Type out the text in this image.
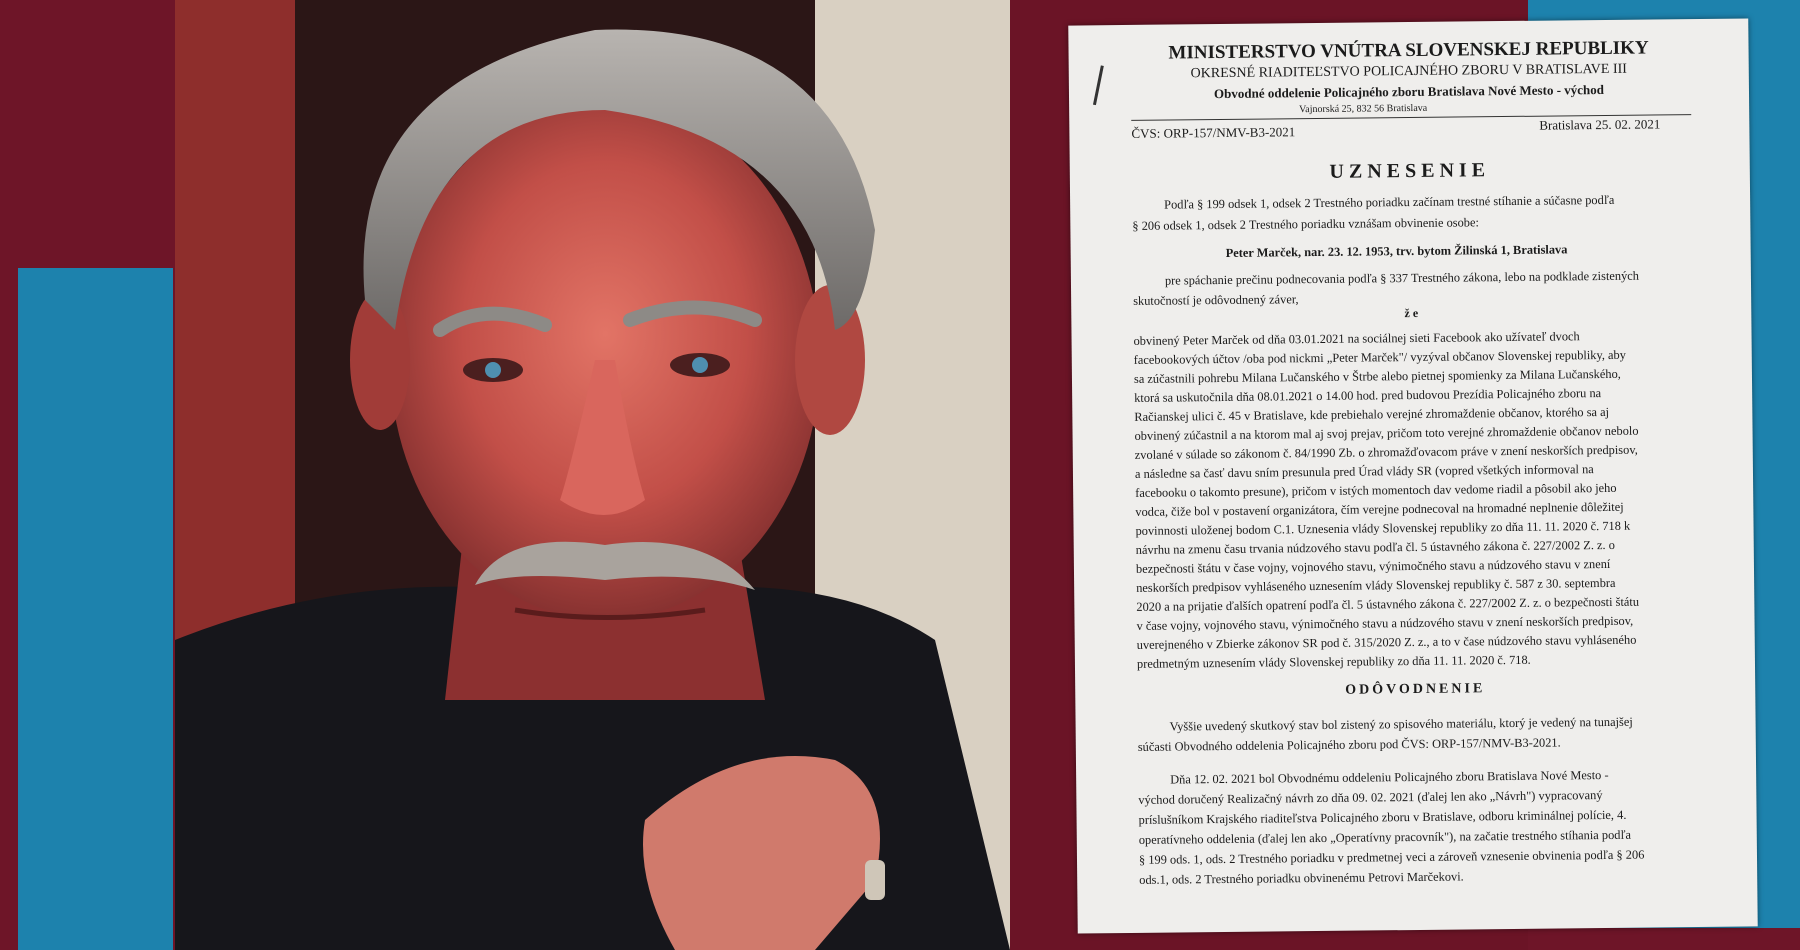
MINISTERSTVO VNÚTRA SLOVENSKEJ REPUBLIKY
OKRESNÉ RIADITEĽSTVO POLICAJNÉHO ZBORU V BRATISLAVE III
Obvodné oddelenie Policajného zboru Bratislava Nové Mesto - východ
Vajnorská 25, 832 56 Bratislava
ČVS: ORP-157/NMV-B3-2021	Bratislava 25. 02. 2021
UZNESENIE
Podľa § 199 odsek 1, odsek 2 Trestného poriadku začínam trestné stíhanie a súčasne podľa
§ 206 odsek 1, odsek 2 Trestného poriadku vznášam obvinenie osobe:
Peter Marček, nar. 23. 12. 1953, trv. bytom Žilinská 1, Bratislava
pre spáchanie prečinu podnecovania podľa § 337 Trestného zákona, lebo na podklade zistených
skutočností je odôvodnený záver,
ž e
obvinený Peter Marček od dňa 03.01.2021 na sociálnej sieti Facebook ako užívateľ dvoch
facebookových účtov /oba pod nickmi „Peter Marček"/ vyzýval občanov Slovenskej republiky, aby
sa zúčastnili pohrebu Milana Lučanského v Štrbe alebo pietnej spomienky za Milana Lučanského,
ktorá sa uskutočnila dňa 08.01.2021 o 14.00 hod. pred budovou Prezídia Policajného zboru na
Račianskej ulici č. 45 v Bratislave, kde prebiehalo verejné zhromaždenie občanov, ktorého sa aj
obvinený zúčastnil a na ktorom mal aj svoj prejav, pričom toto verejné zhromaždenie občanov nebolo
zvolané v súlade so zákonom č. 84/1990 Zb. o zhromažďovacom práve v znení neskorších predpisov,
a následne sa časť davu sním presunula pred Úrad vlády SR (vopred všetkých informoval na
facebooku o takomto presune), pričom v istých momentoch dav vedome riadil a pôsobil ako jeho
vodca, čiže bol v postavení organizátora, čím verejne podnecoval na hromadné neplnenie dôležitej
povinnosti uloženej bodom C.1. Uznesenia vlády Slovenskej republiky zo dňa 11. 11. 2020 č. 718 k
návrhu na zmenu času trvania núdzového stavu podľa čl. 5 ústavného zákona č. 227/2002 Z. z. o
bezpečnosti štátu v čase vojny, vojnového stavu, výnimočného stavu a núdzového stavu v znení
neskorších predpisov vyhláseného uznesením vlády Slovenskej republiky č. 587 z 30. septembra
2020 a na prijatie ďalších opatrení podľa čl. 5 ústavného zákona č. 227/2002 Z. z. o bezpečnosti štátu
v čase vojny, vojnového stavu, výnimočného stavu a núdzového stavu v znení neskorších predpisov,
uverejneného v Zbierke zákonov SR pod č. 315/2020 Z. z., a to v čase núdzového stavu vyhláseného
predmetným uznesením vlády Slovenskej republiky zo dňa 11. 11. 2020 č. 718.
ODÔVODNENIE
Vyššie uvedený skutkový stav bol zistený zo spisového materiálu, ktorý je vedený na tunajšej
súčasti Obvodného oddelenia Policajného zboru pod ČVS: ORP-157/NMV-B3-2021.
Dňa 12. 02. 2021 bol Obvodnému oddeleniu Policajného zboru Bratislava Nové Mesto -
východ doručený Realizačný návrh zo dňa 09. 02. 2021 (ďalej len ako „Návrh") vypracovaný
príslušníkom Krajského riaditeľstva Policajného zboru v Bratislave, odboru kriminálnej polície, 4.
operatívneho oddelenia (ďalej len ako „Operatívny pracovník"), na začatie trestného stíhania podľa
§ 199 ods. 1, ods. 2 Trestného poriadku v predmetnej veci a zároveň vznesenie obvinenia podľa § 206
ods.1, ods. 2 Trestného poriadku obvinenému Petrovi Marčekovi.
